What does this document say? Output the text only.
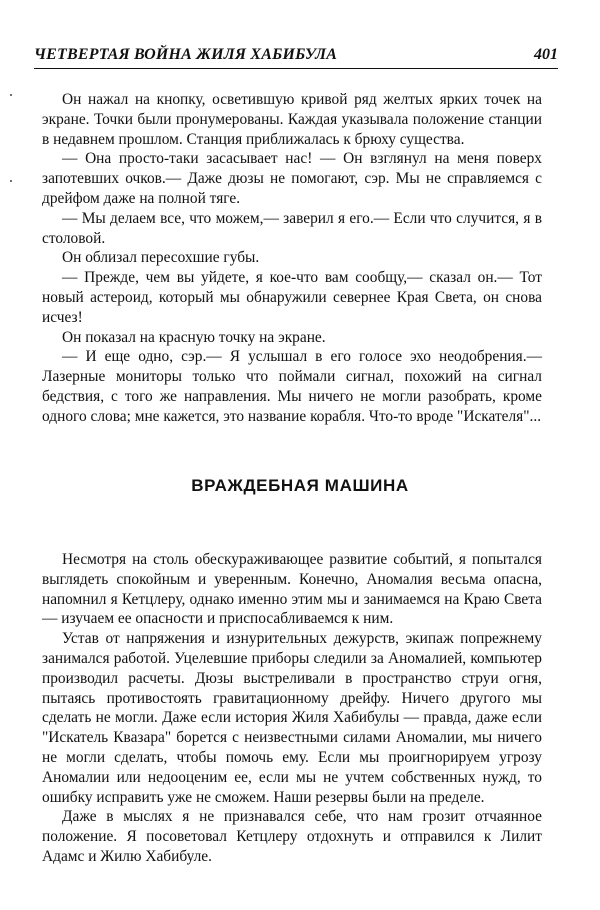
ЧЕТВЕРТАЯ ВОЙНА ЖИЛЯ ХАБИБУЛА	401

Он нажал на кнопку, осветившую кривой ряд желтых ярких точек на экране. Точки были пронумерованы. Каждая указывала положение станции в недавнем прошлом. Станция приближалась к брюху существа.

— Она просто-таки засасывает нас! — Он взглянул на меня поверх запотевших очков.— Даже дюзы не помогают, сэр. Мы не справляемся с дрейфом даже на полной тяге.

— Мы делаем все, что можем,— заверил я его.— Если что случится, я в столовой.

Он облизал пересохшие губы.

— Прежде, чем вы уйдете, я кое-что вам сообщу,— сказал он.— Тот новый астероид, который мы обнаружили севернее Края Света, он снова исчез!

Он показал на красную точку на экране.

— И еще одно, сэр.— Я услышал в его голосе эхо неодобрения.— Лазерные мониторы только что поймали сигнал, похожий на сигнал бедствия, с того же направления. Мы ничего не могли разобрать, кроме одного слова; мне кажется, это название корабля. Что-то вроде "Искателя"...

ВРАЖДЕБНАЯ МАШИНА

Несмотря на столь обескураживающее развитие событий, я попытался выглядеть спокойным и уверенным. Конечно, Аномалия весьма опасна, напомнил я Кетцлеру, однако именно этим мы и занимаемся на Краю Света — изучаем ее опасности и приспосабливаемся к ним.

Устав от напряжения и изнурительных дежурств, экипаж попрежнему занимался работой. Уцелевшие приборы следили за Аномалией, компьютер производил расчеты. Дюзы выстреливали в пространство струи огня, пытаясь противостоять гравитационному дрейфу. Ничего другого мы сделать не могли. Даже если история Жиля Хабибулы — правда, даже если "Искатель Квазара" борется с неизвестными силами Аномалии, мы ничего не могли сделать, чтобы помочь ему. Если мы проигнорируем угрозу Аномалии или недооценим ее, если мы не учтем собственных нужд, то ошибку исправить уже не сможем. Наши резервы были на пределе.

Даже в мыслях я не признавался себе, что нам грозит отчаянное положение. Я посоветовал Кетцлеру отдохнуть и отправился к Лилит Адамс и Жилю Хабибуле.
